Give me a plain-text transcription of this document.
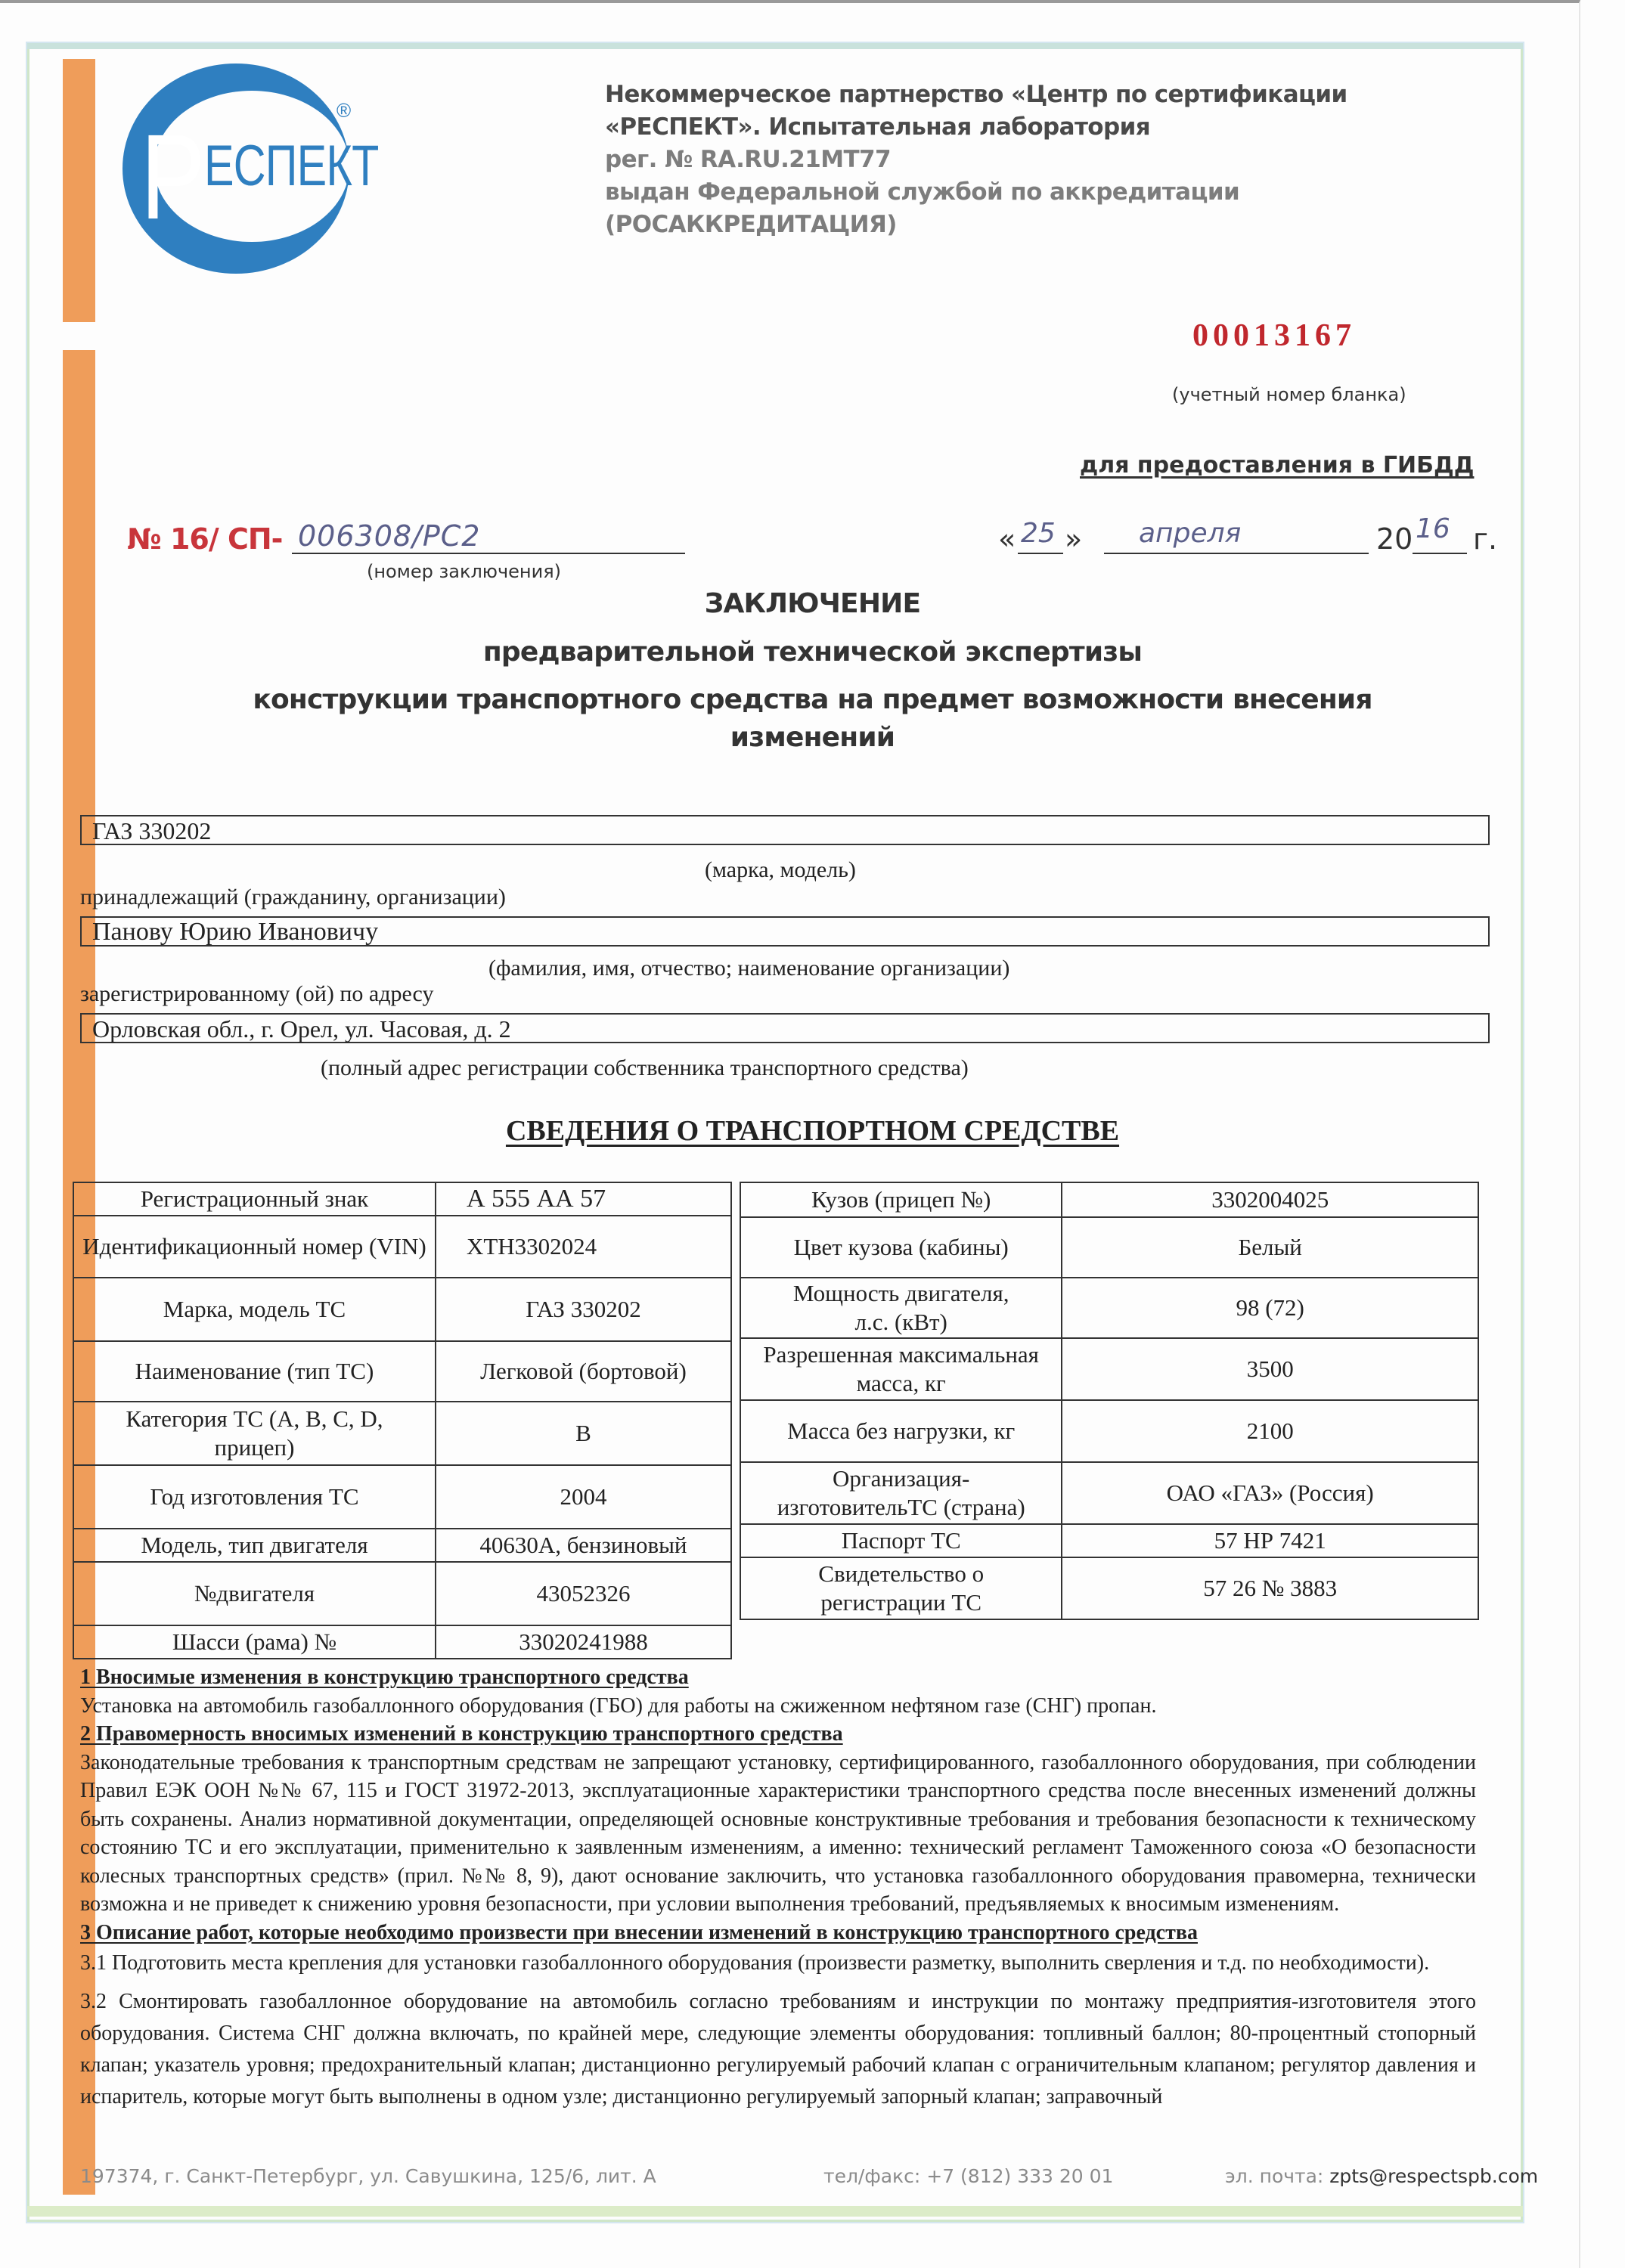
Р ЕСПЕКТ
®
Некоммерческое партнерство «Центр по сертификации
«РЕСПЕКТ». Испытательная лаборатория
рег. № RA.RU.21MT77
выдан Федеральной службой по аккредитации
(РОСАККРЕДИТАЦИЯ)
00013167
(учетный номер бланка)
для предоставления в ГИБДД
№ 16/ СП- 006308/РС2
(номер заключения)
« 25 » апреля	20 16 г.
ЗАКЛЮЧЕНИЕ
предварительной технической экспертизы
конструкции транспортного средства на предмет возможности внесения
изменений
ГАЗ 330202
(марка, модель)
принадлежащий (гражданину, организации)
Панову Юрию Ивановичу
(фамилия, имя, отчество; наименование организации)
зарегистрированному (ой) по адресу
Орловская обл., г. Орел, ул. Часовая, д. 2
(полный адрес регистрации собственника транспортного средства)
СВЕДЕНИЯ О ТРАНСПОРТНОМ СРЕДСТВЕ
Регистрационный знак	А 555 АА 57
Идентификационный номер (VIN)	ХТН3302024
Марка, модель ТС	ГАЗ 330202
Наименование (тип ТС)	Легковой (бортовой)
Категория ТС (A, B, C, D, прицеп)	B
Год изготовления ТС	2004
Модель, тип двигателя	40630A, бензиновый
№двигателя	43052326
Шасси (рама) №	33020241988
Кузов (прицеп №)	3302004025
Цвет кузова (кабины)	Белый
Мощность двигателя, л.с. (кВт)	98 (72)
Разрешенная максимальная масса, кг	3500
Масса без нагрузки, кг	2100
Организация-изготовительТС (страна)	ОАО «ГАЗ» (Россия)
Паспорт ТС	57 НР 7421
Свидетельство о регистрации ТС	57 26 № 3883

1 Вносимые изменения в конструкцию транспортного средства

Установка на автомобиль газобаллонного оборудования (ГБО) для работы на сжиженном нефтяном газе (СНГ) пропан.

2 Правомерность вносимых изменений в конструкцию транспортного средства

Законодательные требования к транспортным средствам не запрещают установку, сертифицированного, газобаллонного оборудования, при соблюдении Правил ЕЭК ООН №№ 67, 115 и ГОСТ 31972-2013, эксплуатационные характеристики транспортного средства после внесенных изменений должны быть сохранены. Анализ нормативной документации, определяющей основные конструктивные требования и требования безопасности к техническому состоянию ТС и его эксплуатации, применительно к заявленным изменениям, а именно: технический регламент Таможенного союза «О безопасности колесных транспортных средств» (прил. №№ 8, 9), дают основание заключить, что установка газобаллонного оборудования правомерна, технически возможна и не приведет к снижению уровня безопасности, при условии выполнения требований, предъявляемых к вносимым изменениям.

3 Описание работ, которые необходимо произвести при внесении изменений в конструкцию транспортного средства

3.1 Подготовить места крепления для установки газобаллонного оборудования (произвести разметку, выполнить сверления и т.д. по необходимости).

3.2 Смонтировать газобаллонное оборудование на автомобиль согласно требованиям и инструкции по монтажу предприятия-изготовителя этого оборудования. Система СНГ должна включать, по крайней мере, следующие элементы оборудования: топливный баллон; 80-процентный стопорный клапан; указатель уровня; предохранительный клапан; дистанционно регулируемый рабочий клапан с ограничительным клапаном; регулятор давления и испаритель, которые могут быть выполнены в одном узле; дистанционно регулируемый запорный клапан; заправочный

197374, г. Санкт-Петербург, ул. Савушкина, 125/6, лит. А	тел/факс: +7 (812) 333 20 01	эл. почта: zpts@respectspb.com
